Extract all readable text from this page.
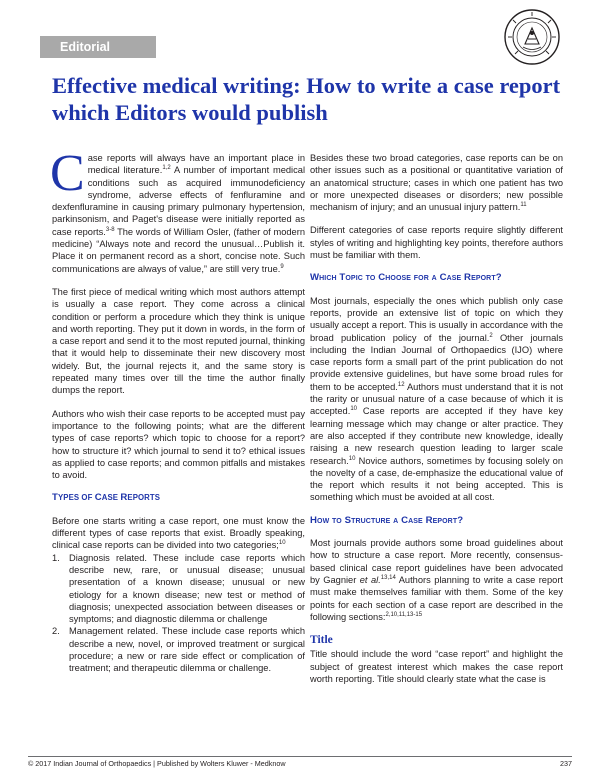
Editorial
Effective medical writing: How to write a case report which Editors would publish

Case reports will always have an important place in medical literature.$^{1,2}$ A number of important medical conditions such as acquired immunodeficiency syndrome, adverse effects of fenfluramine and dexfenfluramine in causing primary pulmonary hypertension, parkinsonism, and Paget's disease were initially reported as case reports.$^{3-8}$ The words of William Osler, (father of modern medicine) “Always note and record the unusual…Publish it. Place it on permanent record as a short, concise note. Such communications are always of value,” are still very true.$^9$

The first piece of medical writing which most authors attempt is usually a case report. They come across a clinical condition or perform a procedure which they think is unique and worth reporting. They put it down in words, in the form of a case report and send it to the most reputed journal, thinking that it would help to disseminate their new discovery most widely. But, the journal rejects it, and the same story is repeated many times over till the time the author finally dumps the report.

Authors who wish their case reports to be accepted must pay importance to the following points; what are the different types of case reports? which topic to choose for a report? how to structure it? which journal to send it to? ethical issues as applied to case reports; and common pitfalls and mistakes to avoid.

TYPES OF CASE REPORTS

Before one starts writing a case report, one must know the different types of case reports that exist. Broadly speaking, clinical case reports can be divided into two categories;$^{10}$

1. Diagnosis related. These include case reports which describe new, rare, or unusual disease; unusual presentation of a known disease; unusual or new etiology for a known disease; new test or method of diagnosis; unexpected association between diseases or symptoms; and diagnostic dilemma or challenge
2. Management related. These include case reports which describe a new, novel, or improved treatment or surgical procedure; a new or rare side effect or complication of treatment; and therapeutic dilemma or challenge.

Besides these two broad categories, case reports can be on other issues such as a positional or quantitative variation of an anatomical structure; cases in which one patient has two or more unexpected diseases or disorders; new possible mechanism of injury; and an unusual injury pattern.$^{11}$

Different categories of case reports require slightly different styles of writing and highlighting key points, therefore authors must be familiar with them.

Which Topic to Choose for a Case Report?

Most journals, especially the ones which publish only case reports, provide an extensive list of topic on which they usually accept a report. This is usually in accordance with the broad publication policy of the journal.$^2$ Other journals including the Indian Journal of Orthopaedics (IJO) where case reports form a small part of the print publication do not provide extensive guidelines, but have some broad rules for them to be accepted.$^{12}$ Authors must understand that it is not the rarity or unusual nature of a case because of which it is accepted.$^{10}$ Case reports are accepted if they have key learning message which may change or alter practice. They are also accepted if they contribute new knowledge, ideally raising a new research question leading to larger scale research.$^{10}$ Novice authors, sometimes by focusing solely on the novelty of a case, de-emphasize the educational value of the report which results it not being accepted. This is something which must be avoided at all cost.

How to Structure a Case Report?

Most journals provide authors some broad guidelines about how to structure a case report. More recently, consensus-based clinical case report guidelines have been advocated by Gagnier et al.$^{13,14}$ Authors planning to write a case report must make themselves familiar with them. Some of the key points for each section of a case report are described in the following sections:$^{2,10,11,13-15}$

Title

Title should include the word “case report” and highlight the subject of greatest interest which makes the case report worth reporting. Title should clearly state what the case is

© 2017 Indian Journal of Orthopaedics | Published by Wolters Kluwer - Medknow	237
